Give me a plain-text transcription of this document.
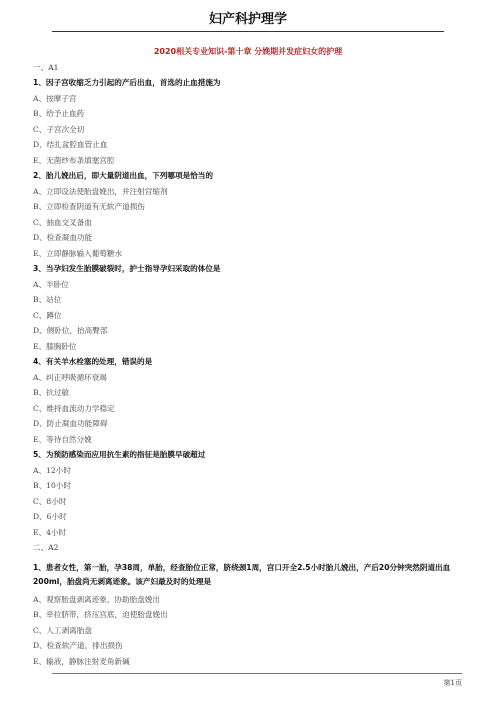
妇产科护理学
2020相关专业知识-第十章 分娩期并发症妇女的护理
一、A1
1、因子宫收缩乏力引起的产后出血，首选的止血措施为
A、按摩子宫
B、给予止血药
C、子宫次全切
D、结扎盆腔血管止血
E、无菌纱布条填塞宫腔
2、胎儿娩出后，即大量阴道出血，下列哪项是恰当的
A、立即设法使胎盘娩出，并注射宫缩剂
B、立即检查阴道有无软产道损伤
C、抽血交叉备血
D、检查凝血功能
E、立即静脉输入葡萄糖水
3、当孕妇发生胎膜破裂时，护士指导孕妇采取的体位是
A、半卧位
B、站位
C、蹲位
D、侧卧位，抬高臀部
E、膝胸卧位
4、有关羊水栓塞的处理，错误的是
A、纠正呼吸循环衰竭
B、抗过敏
C、维持血流动力学稳定
D、防止凝血功能障碍
E、等待自然分娩
5、为预防感染而应用抗生素的指征是胎膜早破超过
A、12小时
B、10小时
C、8小时
D、6小时
E、4小时
二、A2
1、患者女性，第一胎，孕38周，单胎，经查胎位正常，脐绕颈1周，宫口开全2.5小时胎儿娩出，产后20分钟突然阴道出血200ml，胎盘尚无剥离迹象。该产妇最及时的处理是
A、观察胎盘剥离迹象，协助胎盘娩出
B、牵拉脐带，挤压宫底，迫使胎盘娩出
C、人工剥离胎盘
D、检查软产道，排出损伤
E、输液，静脉注射麦角新碱
第1页
